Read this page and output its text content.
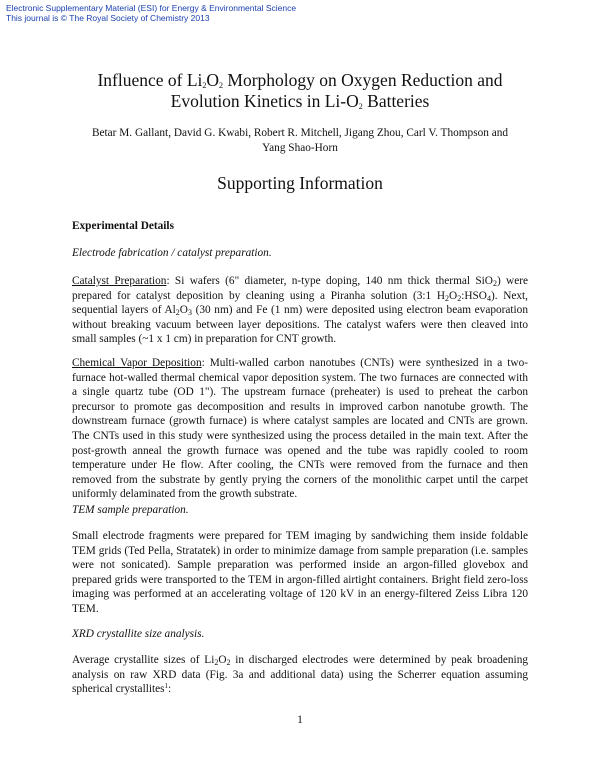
Electronic Supplementary Material (ESI) for Energy & Environmental Science
This journal is © The Royal Society of Chemistry 2013
Influence of $Li_2O_2$ Morphology on Oxygen Reduction and
Evolution Kinetics in $Li-O_2$ Batteries
Betar M. Gallant, David G. Kwabi, Robert R. Mitchell, Jigang Zhou, Carl V. Thompson and
Yang Shao-Horn
Supporting Information
Experimental Details
Electrode fabrication / catalyst preparation.
Catalyst Preparation: Si wafers (6" diameter, n-type doping, 140 nm thick thermal SiO$_2$) were prepared for catalyst deposition by cleaning using a Piranha solution (3:1 $H_2O_2:HSO_4$). Next, sequential layers of $Al_2O_3$ (30 nm) and Fe (1 nm) were deposited using electron beam evaporation without breaking vacuum between layer depositions. The catalyst wafers were then cleaved into small samples (~1 x 1 cm) in preparation for CNT growth.
Chemical Vapor Deposition: Multi-walled carbon nanotubes (CNTs) were synthesized in a two-furnace hot-walled thermal chemical vapor deposition system. The two furnaces are connected with a single quartz tube (OD 1"). The upstream furnace (preheater) is used to preheat the carbon precursor to promote gas decomposition and results in improved carbon nanotube growth. The downstream furnace (growth furnace) is where catalyst samples are located and CNTs are grown. The CNTs used in this study were synthesized using the process detailed in the main text. After the post-growth anneal the growth furnace was opened and the tube was rapidly cooled to room temperature under He flow. After cooling, the CNTs were removed from the furnace and then removed from the substrate by gently prying the corners of the monolithic carpet until the carpet uniformly delaminated from the growth substrate.
TEM sample preparation.
Small electrode fragments were prepared for TEM imaging by sandwiching them inside foldable TEM grids (Ted Pella, Stratatek) in order to minimize damage from sample preparation (i.e. samples were not sonicated). Sample preparation was performed inside an argon-filled glovebox and prepared grids were transported to the TEM in argon-filled airtight containers. Bright field zero-loss imaging was performed at an accelerating voltage of 120 kV in an energy-filtered Zeiss Libra 120 TEM.
XRD crystallite size analysis.
Average crystallite sizes of $Li_2O_2$ in discharged electrodes were determined by peak broadening analysis on raw XRD data (Fig. 3a and additional data) using the Scherrer equation assuming spherical crystallites$^1$:
1
